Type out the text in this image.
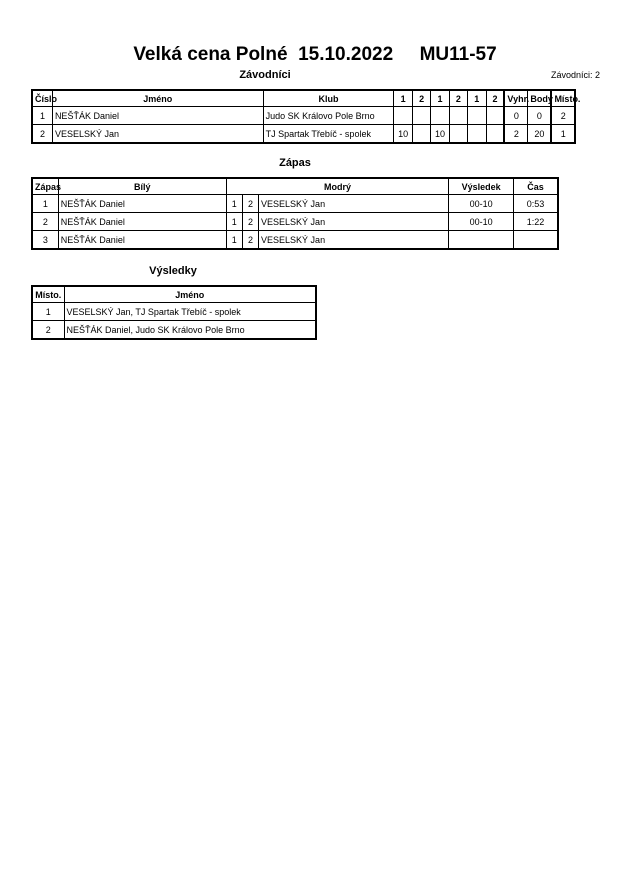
Velká cena Polné 15.10.2022 MU11-57
Závodníci	Závodníci: 2
Číslo	Jméno	Klub	1	2	1	2	1	2	Vyhr.	Body	Místo.
1	NEŠŤÁK Daniel	Judo SK Královo Pole Brno							0	0	2
2	VESELSKÝ Jan	TJ Spartak Třebíč - spolek	10		10				2	20	1
Zápas
Zápas	Bílý	Modrý			Výsledek	Čas
1	NEŠŤÁK Daniel	1	2	VESELSKÝ Jan	00-10	0:53
2	NEŠŤÁK Daniel	1	2	VESELSKÝ Jan	00-10	1:22
3	NEŠŤÁK Daniel	1	2	VESELSKÝ Jan		
Výsledky
Místo.	Jméno
1	VESELSKÝ Jan, TJ Spartak Třebíč - spolek
2	NEŠŤÁK Daniel, Judo SK Královo Pole Brno
